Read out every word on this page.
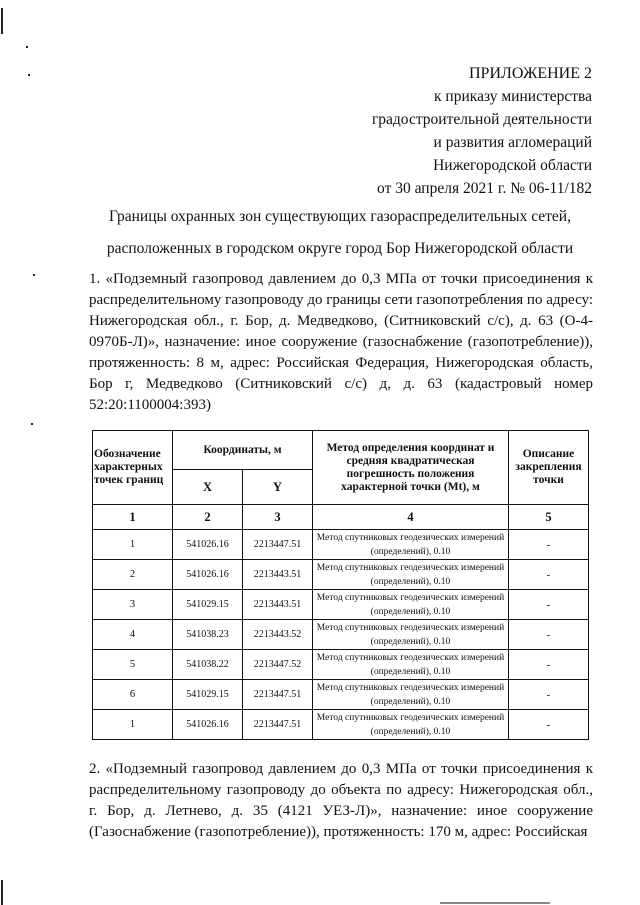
ПРИЛОЖЕНИЕ 2
к приказу министерства
градостроительной деятельности
и развития агломераций
Нижегородской области
от 30 апреля 2021 г. № 06-11/182
Границы охранных зон существующих газораспределительных сетей,
расположенных в городском округе город Бор Нижегородской области
1. «Подземный газопровод давлением до 0,3 МПа от точки присоединения к распределительному газопроводу до границы сети газопотребления по адресу: Нижегородская обл., г. Бор, д. Медведково, (Ситниковский с/с), д. 63 (О-4-0970Б-Л)», назначение: иное сооружение (газоснабжение (газопотребление)), протяженность: 8 м, адрес: Российская Федерация, Нижегородская область, Бор г, Медведково (Ситниковский с/с) д, д. 63 (кадастровый номер 52:20:1100004:393)
Обозначение характерных точек границ	Координаты, м		Метод определения координат и средняя квадратическая погрешность положения характерной точки (Mt), м	Описание закрепления точки
	X	Y		
1	2	3	4	5
1	541026.16	2213447.51	Метод спутниковых геодезических измерений (определений), 0.10	-
2	541026.16	2213443.51	Метод спутниковых геодезических измерений (определений), 0.10	-
3	541029.15	2213443.51	Метод спутниковых геодезических измерений (определений), 0.10	-
4	541038.23	2213443.52	Метод спутниковых геодезических измерений (определений), 0.10	-
5	541038.22	2213447.52	Метод спутниковых геодезических измерений (определений), 0.10	-
6	541029.15	2213447.51	Метод спутниковых геодезических измерений (определений), 0.10	-
1	541026.16	2213447.51	Метод спутниковых геодезических измерений (определений), 0.10	-
2. «Подземный газопровод давлением до 0,3 МПа от точки присоединения к распределительному газопроводу до объекта по адресу: Нижегородская обл., г. Бор, д. Летнево, д. 35 (4121 УЕЗ-Л)», назначение: иное сооружение (Газоснабжение (газопотребление)), протяженность: 170 м, адрес: Российская
